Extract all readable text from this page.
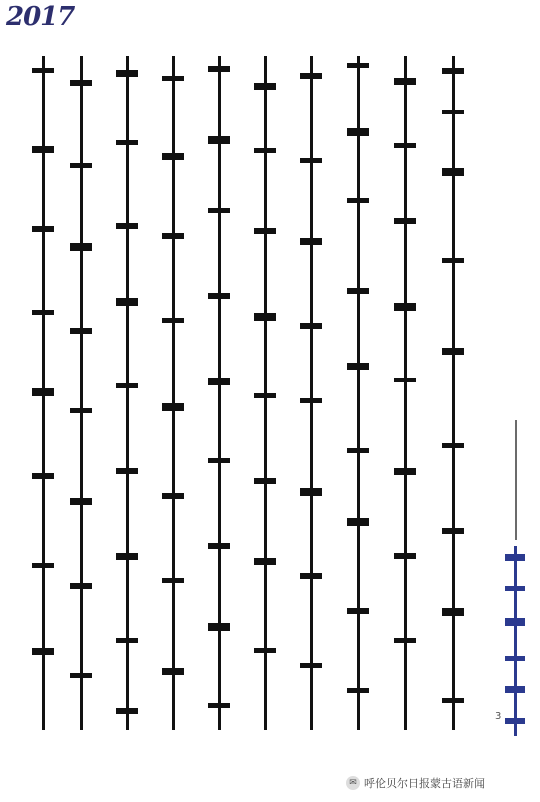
2017
3
✉ 呼伦贝尔日报蒙古语新闻
